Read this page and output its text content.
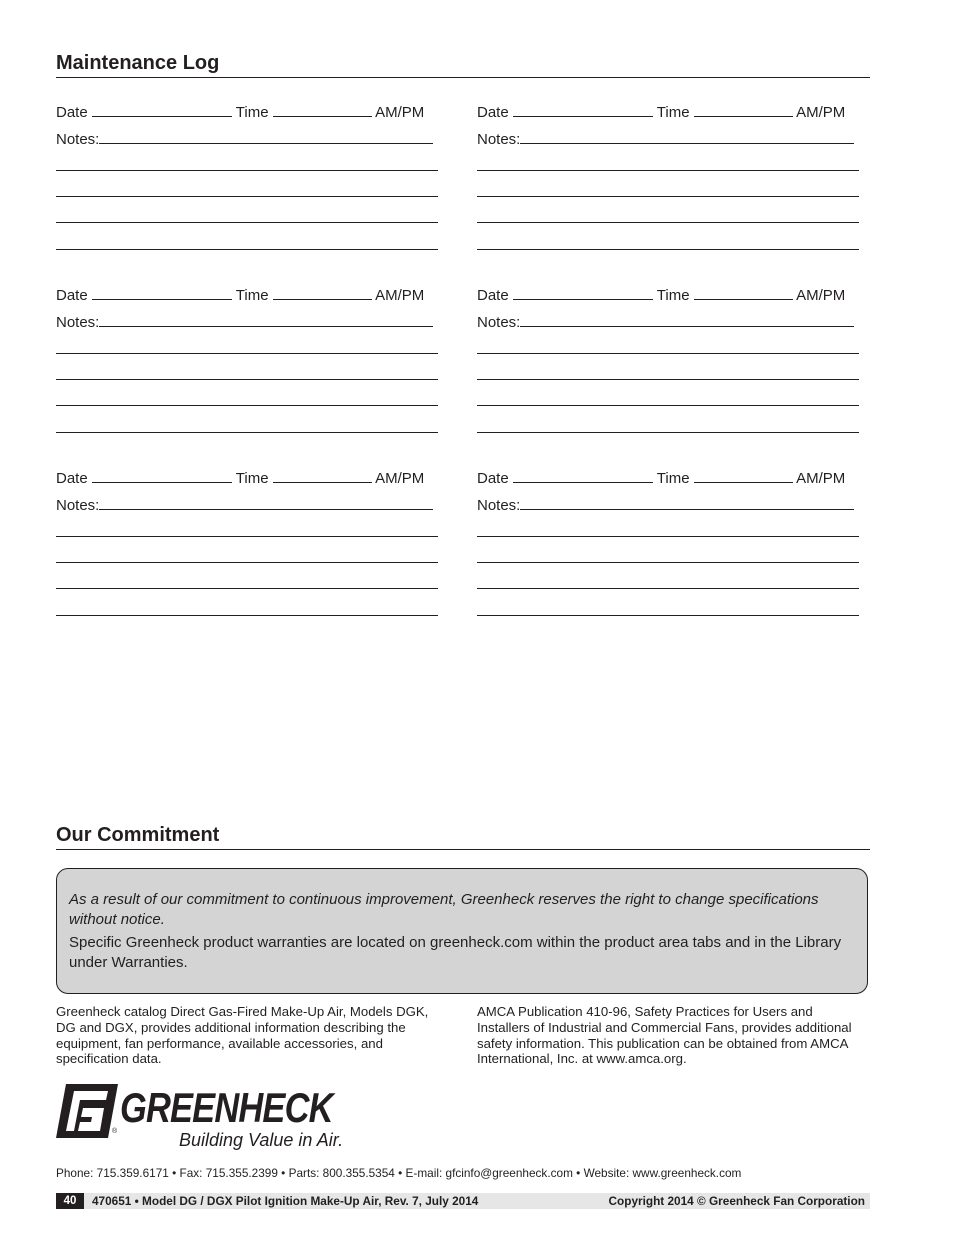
Maintenance Log
Date	Time	AM/PM
Notes:
Date	Time	AM/PM
Notes:
Date	Time	AM/PM
Notes:
Date	Time	AM/PM
Notes:
Date	Time	AM/PM
Notes:
Date	Time	AM/PM
Notes:
Our Commitment

As a result of our commitment to continuous improvement, Greenheck reserves the right to change specifications without notice.

Specific Greenheck product warranties are located on greenheck.com within the product area tabs and in the Library under Warranties.

Greenheck catalog Direct Gas-Fired Make-Up Air, Models DGK, DG and DGX, provides additional information describing the equipment, fan performance, available accessories, and specification data.
AMCA Publication 410-96, Safety Practices for Users and Installers of Industrial and Commercial Fans, provides additional safety information. This publication can be obtained from AMCA International, Inc. at www.amca.org.
®
GREENHECK
Building Value in Air.
Phone: 715.359.6171 • Fax: 715.355.2399 • Parts: 800.355.5354 • E-mail: gfcinfo@greenheck.com • Website: www.greenheck.com
40	470651 • Model DG / DGX Pilot Ignition Make-Up Air, Rev. 7, July 2014	Copyright 2014 © Greenheck Fan Corporation
